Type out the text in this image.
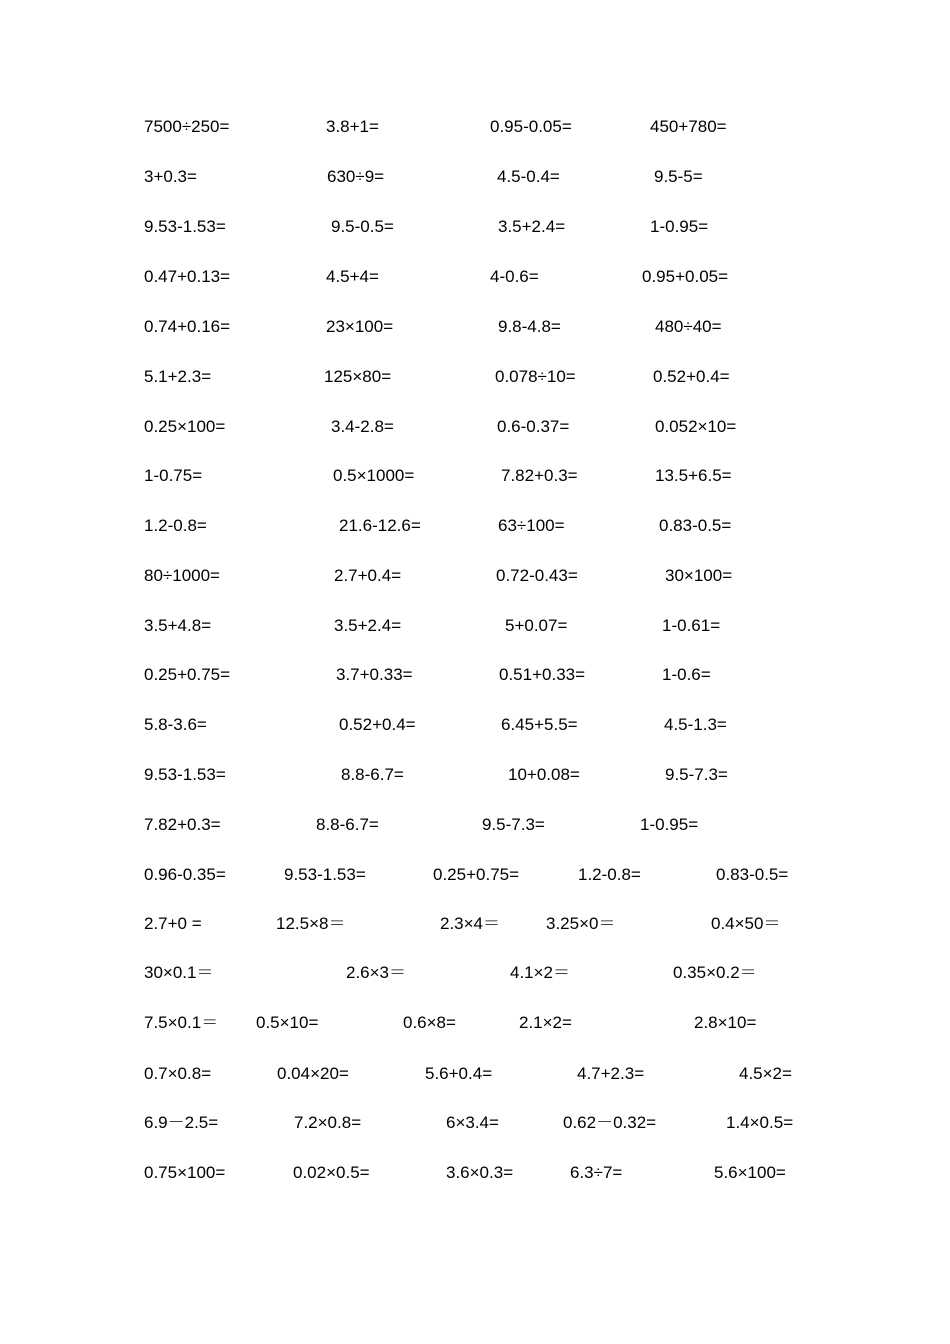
7500÷250=	3.8+1=	0.95-0.05=	450+780=
3+0.3=	630÷9=	4.5-0.4=	9.5-5=
9.53-1.53=	9.5-0.5=	3.5+2.4=	1-0.95=
0.47+0.13=	4.5+4=	4-0.6=	0.95+0.05=
0.74+0.16=	23×100=	9.8-4.8=	480÷40=
5.1+2.3=	125×80=	0.078÷10=	0.52+0.4=
0.25×100=	3.4-2.8=	0.6-0.37=	0.052×10=
1-0.75=	0.5×1000=	7.82+0.3=	13.5+6.5=
1.2-0.8=	21.6-12.6=	63÷100=	0.83-0.5=
80÷1000=	2.7+0.4=	0.72-0.43=	30×100=
3.5+4.8=	3.5+2.4=	5+0.07=	1-0.61=
0.25+0.75=	3.7+0.33=	0.51+0.33=	1-0.6=
5.8-3.6=	0.52+0.4=	6.45+5.5=	4.5-1.3=
9.53-1.53=	8.8-6.7=	10+0.08=	9.5-7.3=
7.82+0.3=	8.8-6.7=	9.5-7.3=	1-0.95=
0.96-0.35=	9.53-1.53=	0.25+0.75=	1.2-0.8=	0.83-0.5=
2.7+0 =	12.5×8＝	2.3×4＝	3.25×0＝	0.4×50＝
30×0.1＝	2.6×3＝	4.1×2＝	0.35×0.2＝
7.5×0.1＝ 0.5×10=	0.6×8=	2.1×2=	2.8×10=
0.7×0.8=	0.04×20=	5.6+0.4=	4.7+2.3=	4.5×2=
6.9－2.5=	7.2×0.8=	6×3.4=	0.62－0.32=	1.4×0.5=
0.75×100=	0.02×0.5=	3.6×0.3=	6.3÷7=	5.6×100=
